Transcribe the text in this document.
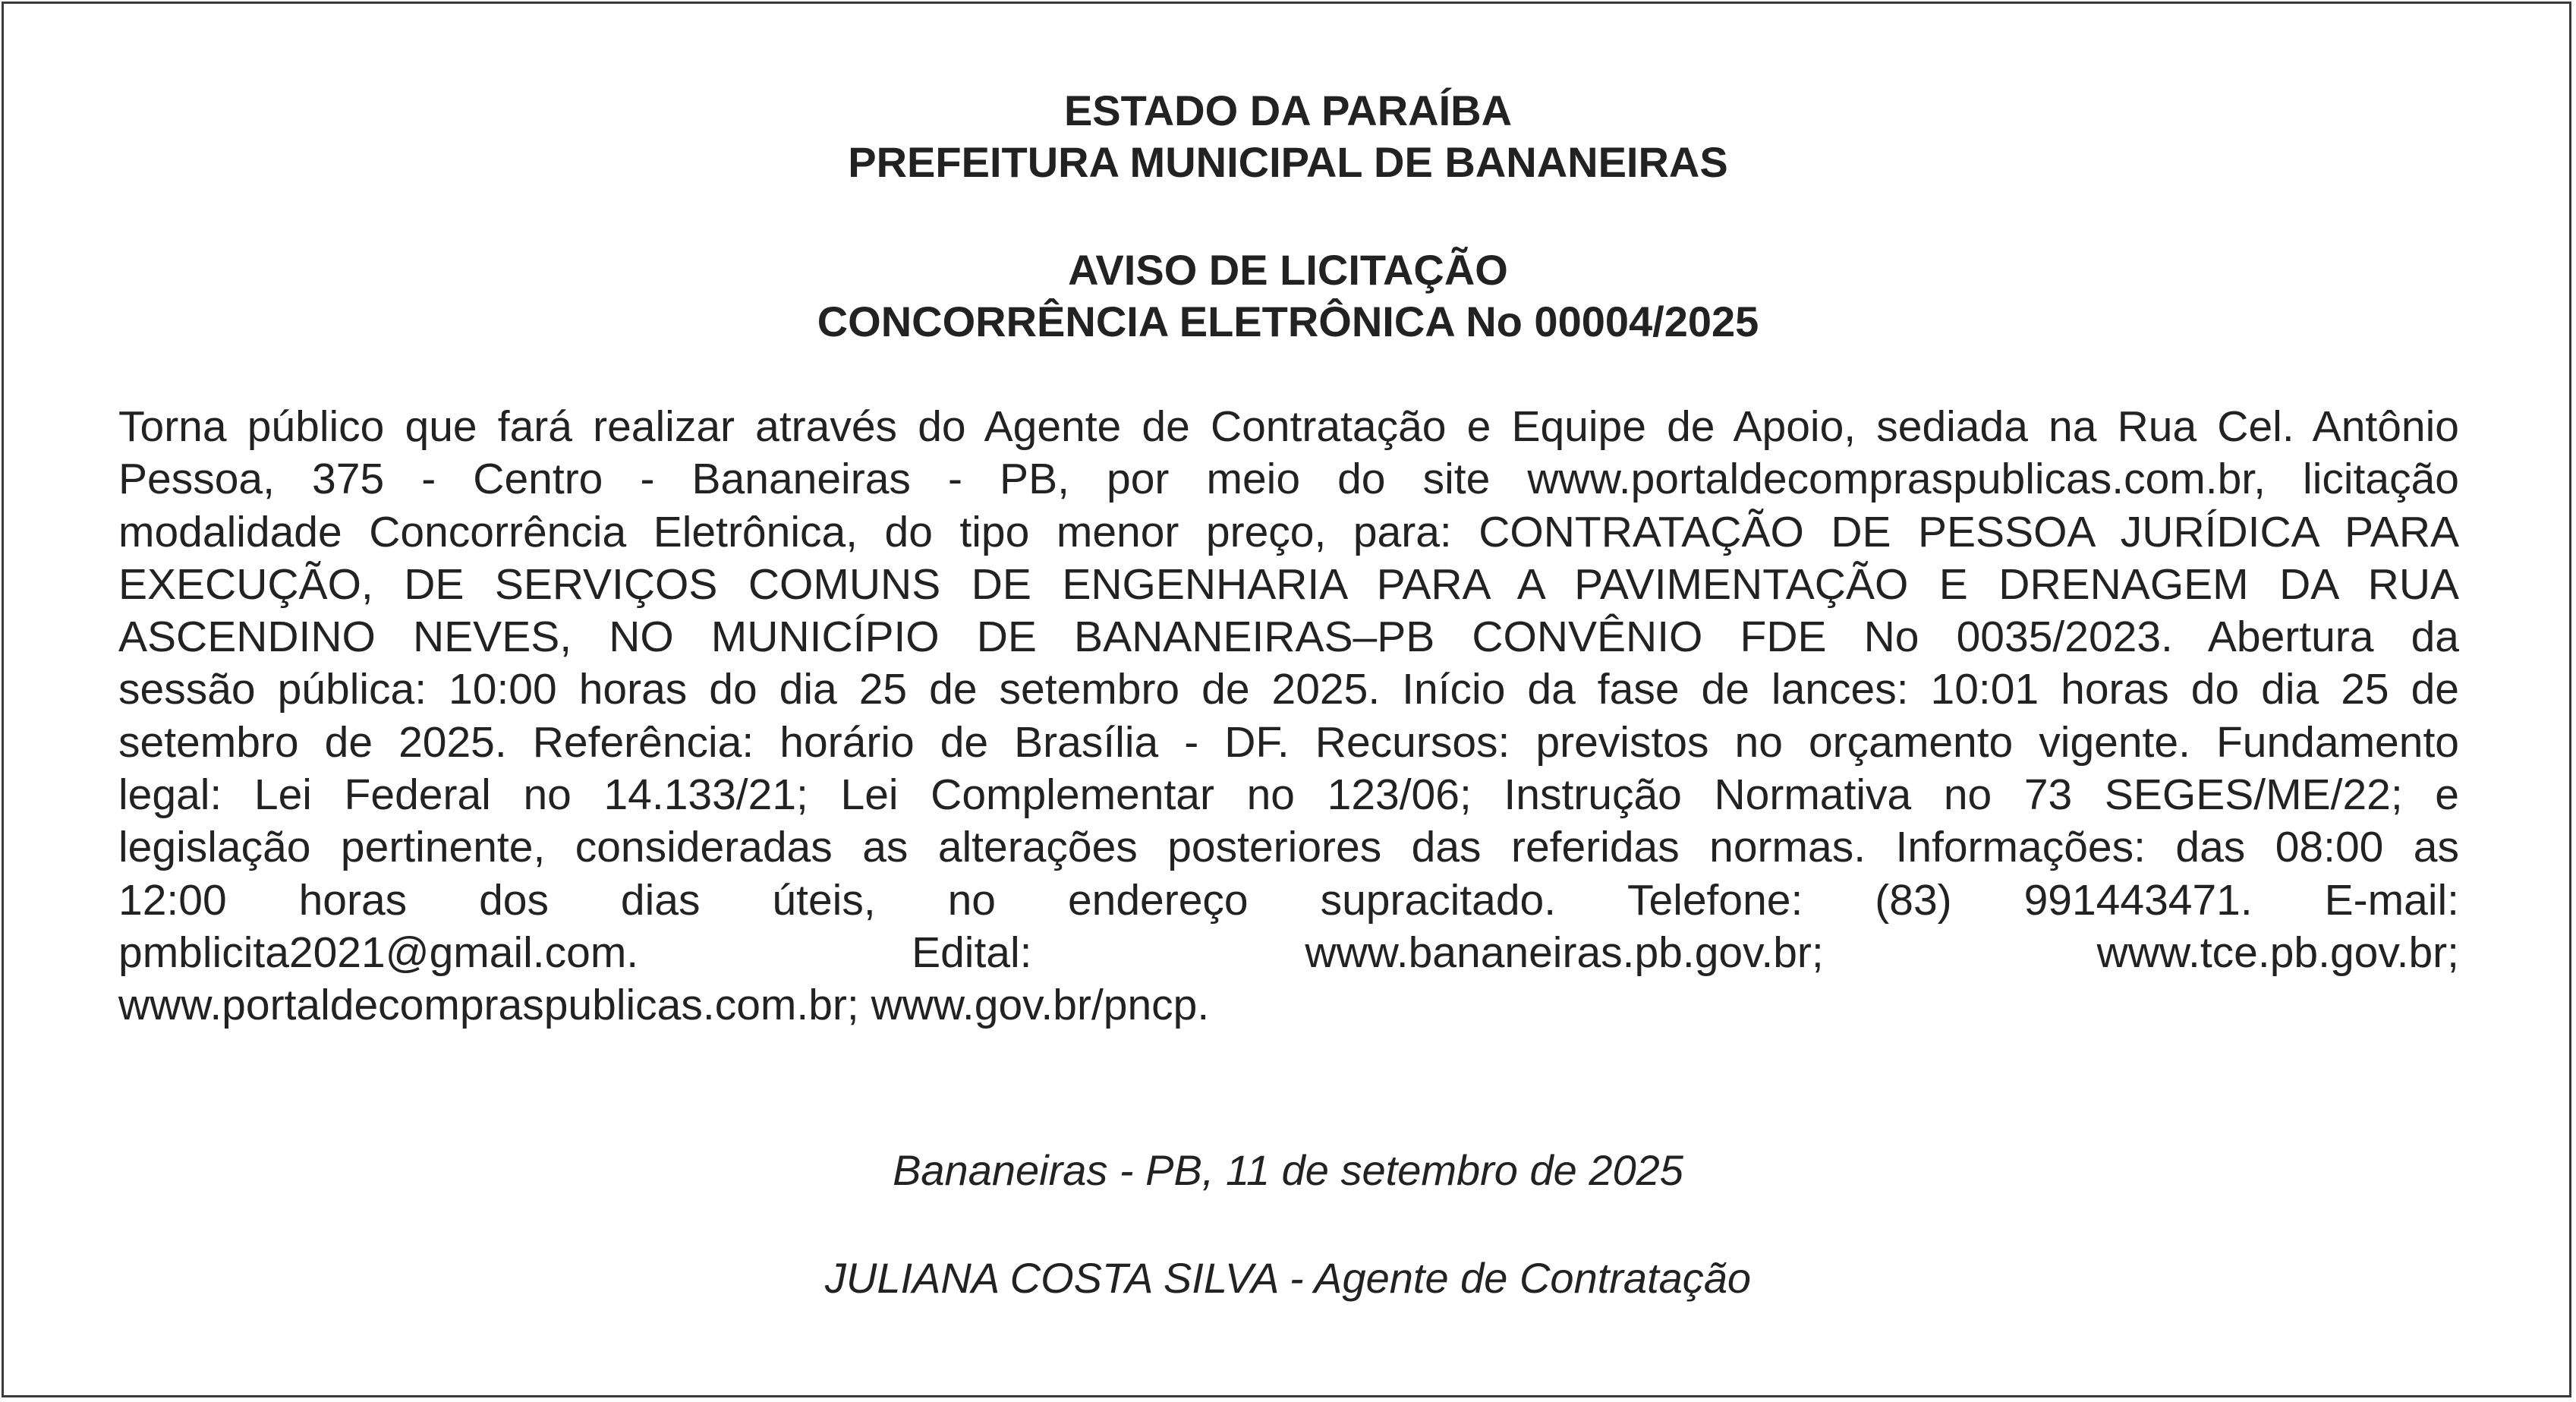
ESTADO DA PARAÍBA
PREFEITURA MUNICIPAL DE BANANEIRAS
AVISO DE LICITAÇÃO
CONCORRÊNCIA ELETRÔNICA No 00004/2025
Torna público que fará realizar através do Agente de Contratação e Equipe de Apoio, sediada na Rua Cel. Antônio
Pessoa, 375 - Centro - Bananeiras - PB, por meio do site www.portaldecompraspublicas.com.br, licitação
modalidade Concorrência Eletrônica, do tipo menor preço, para: CONTRATAÇÃO DE PESSOA JURÍDICA PARA
EXECUÇÃO, DE SERVIÇOS COMUNS DE ENGENHARIA PARA A PAVIMENTAÇÃO E DRENAGEM DA RUA
ASCENDINO NEVES, NO MUNICÍPIO DE BANANEIRAS–PB CONVÊNIO FDE No 0035/2023. Abertura da
sessão pública: 10:00 horas do dia 25 de setembro de 2025. Início da fase de lances: 10:01 horas do dia 25 de
setembro de 2025. Referência: horário de Brasília - DF. Recursos: previstos no orçamento vigente. Fundamento
legal: Lei Federal no 14.133/21; Lei Complementar no 123/06; Instrução Normativa no 73 SEGES/ME/22; e
legislação pertinente, consideradas as alterações posteriores das referidas normas. Informações: das 08:00 as
12:00 horas dos dias úteis, no endereço supracitado. Telefone: (83) 991443471. E-mail:
pmblicita2021@gmail.com. Edital: www.bananeiras.pb.gov.br; www.tce.pb.gov.br;
www.portaldecompraspublicas.com.br; www.gov.br/pncp.
Bananeiras - PB, 11 de setembro de 2025
JULIANA COSTA SILVA - Agente de Contratação
